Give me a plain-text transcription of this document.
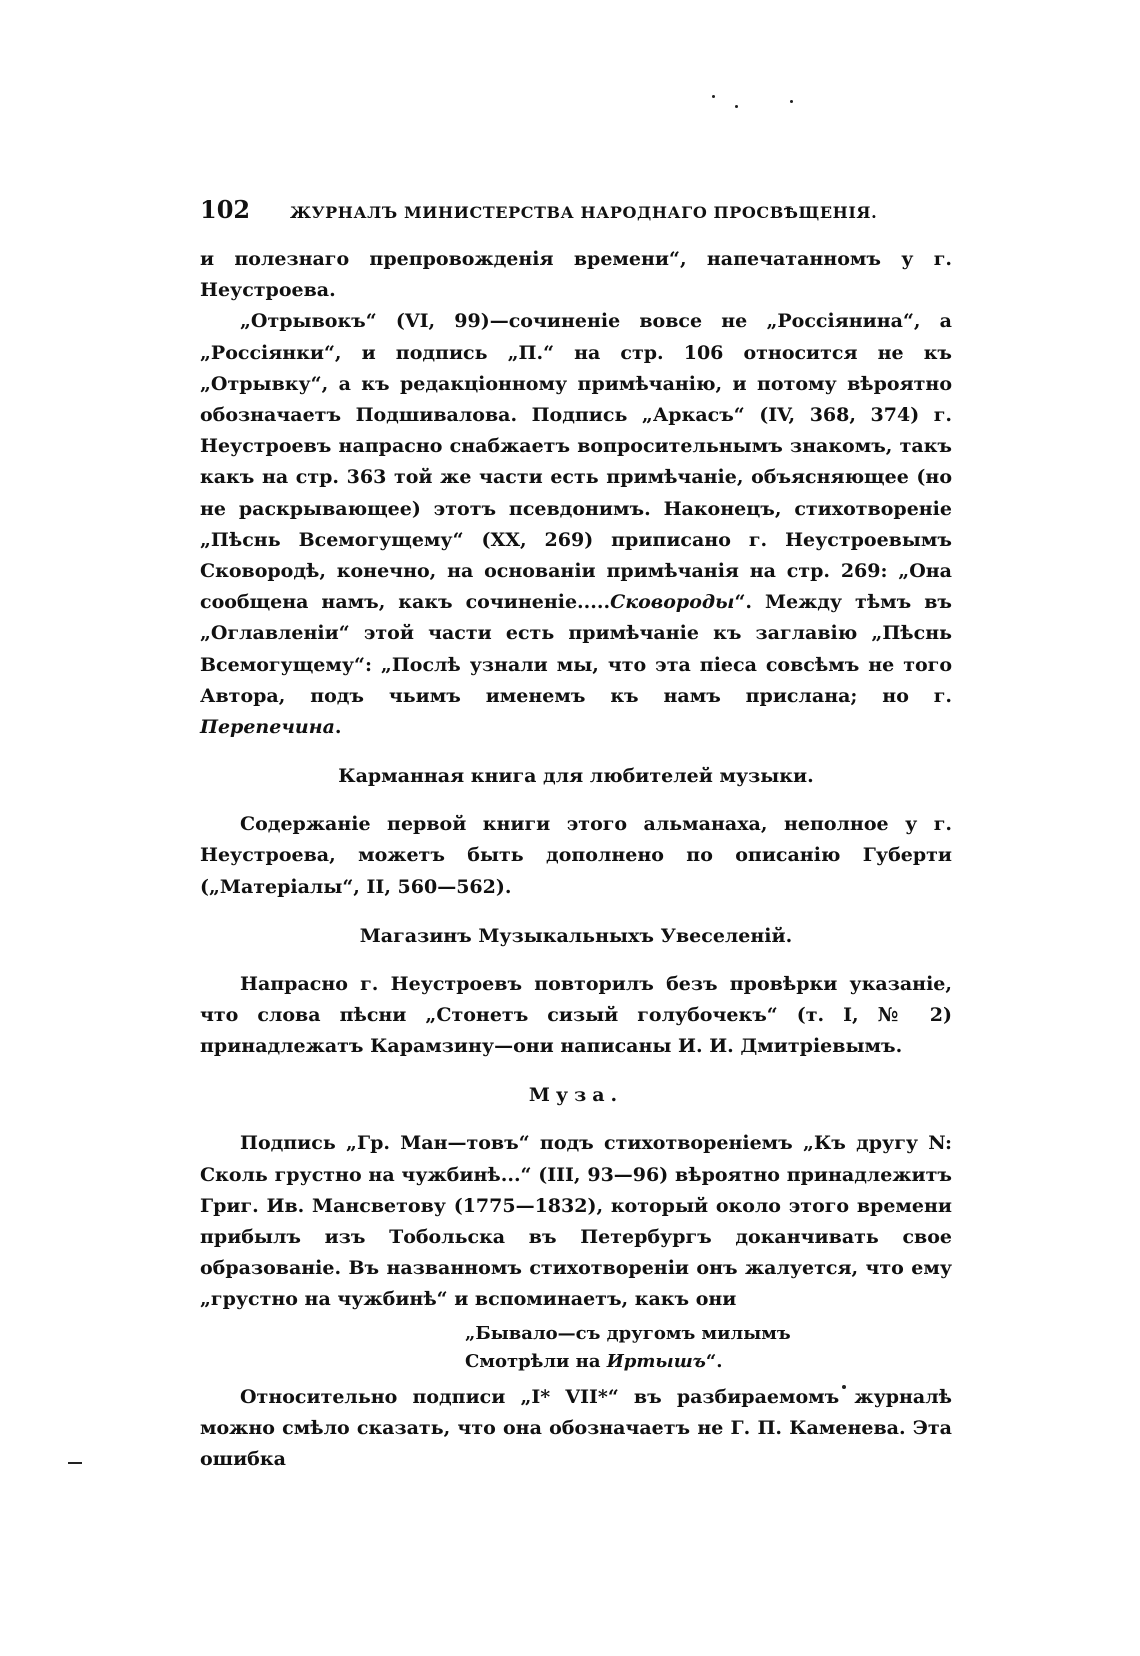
102	ЖУРНАЛЪ МИНИСТЕРСТВА НАРОДНАГО ПРОСВѢЩЕНІЯ.

и полезнаго препровожденія времени“, напечатанномъ у г. Неустроева.

„Отрывокъ“ (VI, 99)—сочиненіе вовсе не „Россіянина“, а „Россіянки“, и подпись „П.“ на стр. 106 относится не къ „Отрывку“, а къ редакціонному примѣчанію, и потому вѣроятно обозначаетъ Подшивалова. Подпись „Аркасъ“ (IV, 368, 374) г. Неустроевъ напрасно снабжаетъ вопросительнымъ знакомъ, такъ какъ на стр. 363 той же части есть примѣчаніе, объясняющее (но не раскрывающее) этотъ псевдонимъ. Наконецъ, стихотвореніе „Пѣснь Всемогущему“ (XX, 269) приписано г. Неустроевымъ Сковородѣ, конечно, на основаніи примѣчанія на стр. 269: „Она сообщена намъ, какъ сочиненіе.....Сковороды“. Между тѣмъ въ „Оглавленіи“ этой части есть примѣчаніе къ заглавію „Пѣснь Всемогущему“: „Послѣ узнали мы, что эта піеса совсѣмъ не того Автора, подъ чьимъ именемъ къ намъ прислана; но г. Перепечина.

Карманная книга для любителей музыки.

Содержаніе первой книги этого альманаха, неполное у г. Неустроева, можетъ быть дополнено по описанію Губерти („Матеріалы“, II, 560—562).

Магазинъ Музыкальныхъ Увеселеній.

Напрасно г. Неустроевъ повторилъ безъ провѣрки указаніе, что слова пѣсни „Стонетъ сизый голубочекъ“ (т. I, № 2) принадлежатъ Карамзину—они написаны И. И. Дмитріевымъ.

Муза.

Подпись „Гр. Ман—товъ“ подъ стихотвореніемъ „Къ другу N: Сколь грустно на чужбинѣ...“ (III, 93—96) вѣроятно принадлежитъ Григ. Ив. Мансветову (1775—1832), который около этого времени прибылъ изъ Тобольска въ Петербургъ доканчивать свое образованіе. Въ названномъ стихотвореніи онъ жалуется, что ему „грустно на чужбинѣ“ и вспоминаетъ, какъ они

„Бывало—съ другомъ милымъ
Смотрѣли на Иртышъ“.

Относительно подписи „I* VII*“ въ разбираемомъ журналѣ можно смѣло сказать, что она обозначаетъ не Г. П. Каменева. Эта ошибка
